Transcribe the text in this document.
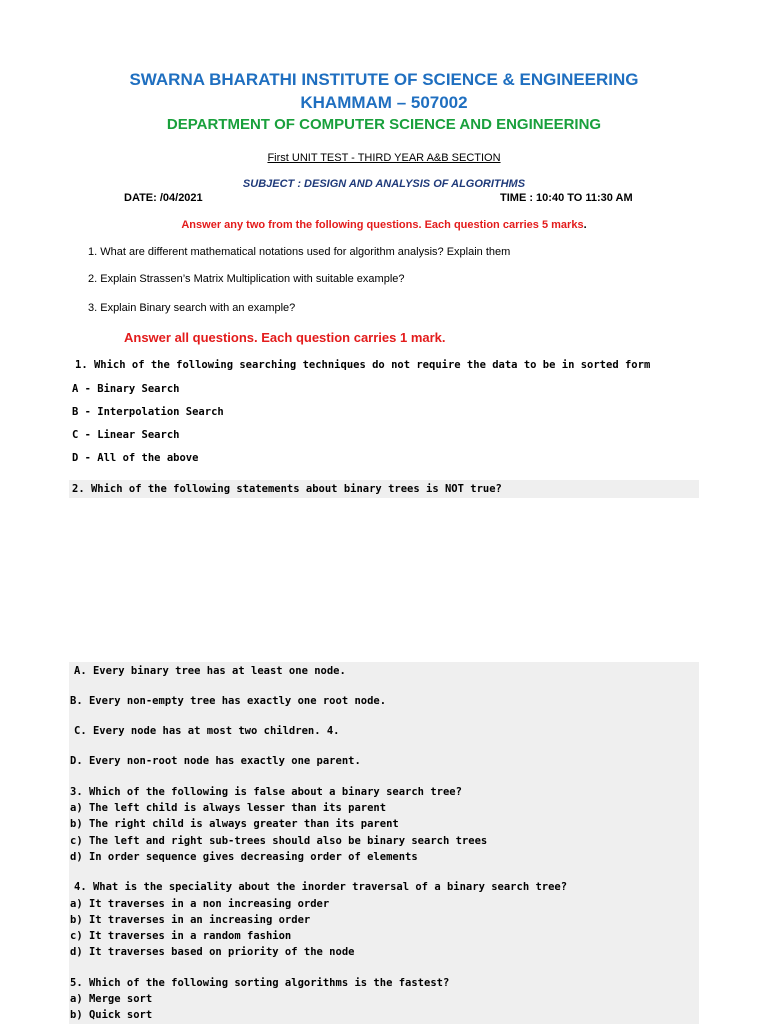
SWARNA BHARATHI INSTITUTE OF SCIENCE & ENGINEERING
KHAMMAM – 507002
DEPARTMENT OF COMPUTER SCIENCE AND ENGINEERING
First UNIT TEST - THIRD YEAR A&B SECTION
SUBJECT : DESIGN AND ANALYSIS OF ALGORITHMS
DATE: /04/2021	TIME : 10:40 TO 11:30 AM
Answer any two from the following questions. Each question carries 5 marks.
1. What are different mathematical notations used for algorithm analysis? Explain them
2. Explain Strassen’s Matrix Multiplication with suitable example?
3. Explain Binary search with an example?
Answer all questions. Each question carries 1 mark.
1. Which of the following searching techniques do not require the data to be in sorted form
A - Binary Search
B - Interpolation Search
C - Linear Search
D - All of the above
2. Which of the following statements about binary trees is NOT true?
A. Every binary tree has at least one node.
B. Every non-empty tree has exactly one root node.
C. Every node has at most two children. 4.
D. Every non-root node has exactly one parent.
3. Which of the following is false about a binary search tree?
a) The left child is always lesser than its parent
b) The right child is always greater than its parent
c) The left and right sub-trees should also be binary search trees
d) In order sequence gives decreasing order of elements
4. What is the speciality about the inorder traversal of a binary search tree?
a) It traverses in a non increasing order
b) It traverses in an increasing order
c) It traverses in a random fashion
d) It traverses based on priority of the node
5. Which of the following sorting algorithms is the fastest?
a) Merge sort
b) Quick sort
